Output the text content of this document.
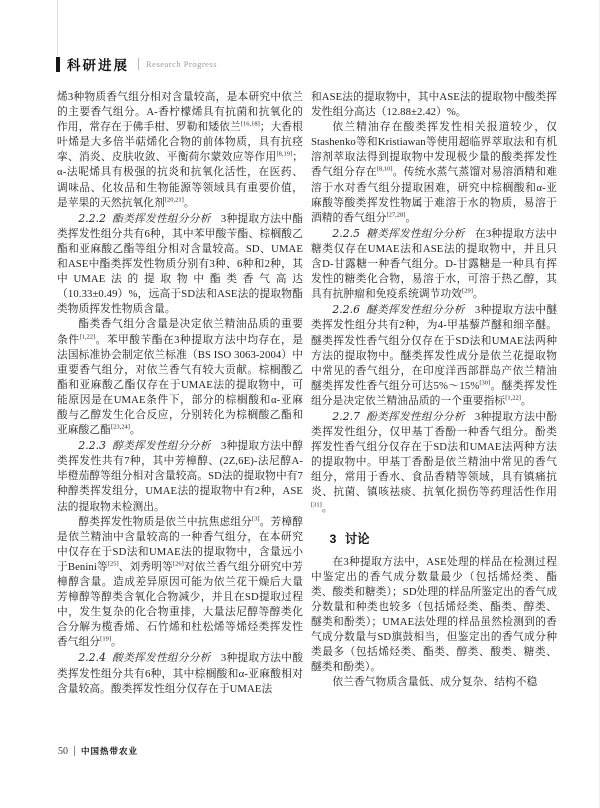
科研进展 Research Progress

烯3种物质香气组分相对含量较高，是本研究中依兰的主要香气组分。A-香柠檬烯具有抗菌和抗氧化的作用，常存在于佛手柑、罗勒和矮依兰[16,18]；大香根叶烯是大多倍半萜烯化合物的前体物质，具有抗痉挛、消炎、皮肤收敛、平衡荷尔蒙效应等作用[8,19]；α-法呢烯具有极强的抗炎和抗氧化活性，在医药、调味品、化妆品和生物能源等领域具有重要价值，是苹果的天然抗氧化剂[20,21]。

2.2.2 酯类挥发性组分分析 3种提取方法中酯类挥发性组分共有6种，其中苯甲酸苄酯、棕榈酸乙酯和亚麻酸乙酯等组分相对含量较高。SD、UMAE和ASE中酯类挥发性物质分别有3种、6种和2种，其中UMAE法的提取物中酯类香气高达（10.33±0.49）%，远高于SD法和ASE法的提取物酯类物质挥发性物质含量。

酯类香气组分含量是决定依兰精油品质的重要条件[1,22]。苯甲酸苄酯在3种提取方法中均存在，是法国标准协会制定依兰标准（BS ISO 3063-2004）中重要香气组分，对依兰香气有较大贡献。棕榈酸乙酯和亚麻酸乙酯仅存在于UMAE法的提取物中，可能原因是在UMAE条件下，部分的棕榈酸和α-亚麻酸与乙醇发生化合反应，分别转化为棕榈酸乙酯和亚麻酸乙酯[23,24]。

2.2.3 醇类挥发性组分分析 3种提取方法中醇类挥发性共有7种，其中芳樟醇、(2Z,6E)-法尼醇A-毕橙茄醇等组分相对含量较高。SD法的提取物中有7种醇类挥发组分，UMAE法的提取物中有2种，ASE法的提取物未检测出。

醇类挥发性物质是依兰中抗焦虑组分[3]。芳樟醇是依兰精油中含量较高的一种香气组分，在本研究中仅存在于SD法和UMAE法的提取物中，含量远小于Benini等[25]、刘秀明等[26]对依兰香气组分研究中芳樟醇含量。造成差异原因可能为依兰花干燥后大量芳樟醇等醇类含氧化合物减少，并且在SD提取过程中，发生复杂的化合物重排，大量法尼醇等醇类化合分解为榄香烯、石竹烯和杜松烯等烯烃类挥发性香气组分[19]。

2.2.4 酸类挥发性组分分析 3种提取方法中酸类挥发性组分共有6种，其中棕榈酸和α-亚麻酸相对含量较高。酸类挥发性组分仅存在于UMAE法

和ASE法的提取物中，其中ASE法的提取物中酸类挥发性组分高达（12.88±2.42）%。

依兰精油存在酸类挥发性相关报道较少，仅Stashenko等和Kristiawan等使用超临界萃取法和有机溶剂萃取法得到提取物中发现极少量的酸类挥发性香气组分存在[8,10]。传统水蒸气蒸馏对易溶酒精和难溶于水对香气组分提取困难，研究中棕榈酸和α-亚麻酸等酸类挥发性物属于难溶于水的物质，易溶于酒精的香气组分[27,28]。

2.2.5 糖类挥发性组分分析 在3种提取方法中糖类仅存在UMAE法和ASE法的提取物中，并且只含D-甘露糖一种香气组分。D-甘露糖是一种具有挥发性的糖类化合物，易溶于水，可溶于热乙醇，其具有抗肿瘤和免疫系统调节功效[29]。

2.2.6 醚类挥发性组分分析 3种提取方法中醚类挥发性组分共有2种，为4-甲基藜芦醚和细辛醚。醚类挥发性香气组分仅存在于SD法和UMAE法两种方法的提取物中。醚类挥发性成分是依兰花提取物中常见的香气组分，在印度洋西部群岛产依兰精油醚类挥发性香气组分可达5%～15%[30]。醚类挥发性组分是决定依兰精油品质的一个重要指标[1,22]。

2.2.7 酚类挥发性组分分析 3种提取方法中酚类挥发性组分，仅甲基丁香酚一种香气组分。酚类挥发性香气组分仅存在于SD法和UMAE法两种方法的提取物中。甲基丁香酚是依兰精油中常见的香气组分，常用于香水、食品香精等领域，具有镇痛抗炎、抗菌、镇咳祛痰、抗氧化损伤等药理活性作用[31]。

3 讨论

在3种提取方法中，ASE处理的样品在检测过程中鉴定出的香气成分数量最少（包括烯烃类、酯类、酸类和糖类）；SD处理的样品所鉴定出的香气成分数量和种类也较多（包括烯烃类、酯类、醇类、醚类和酚类）；UMAE法处理的样品虽然检测到的香气成分数量与SD旗鼓相当，但鉴定出的香气成分种类最多（包括烯烃类、酯类、醇类、酸类、糖类、醚类和酚类）。

依兰香气物质含量低、成分复杂、结构不稳

50 中国热带农业
